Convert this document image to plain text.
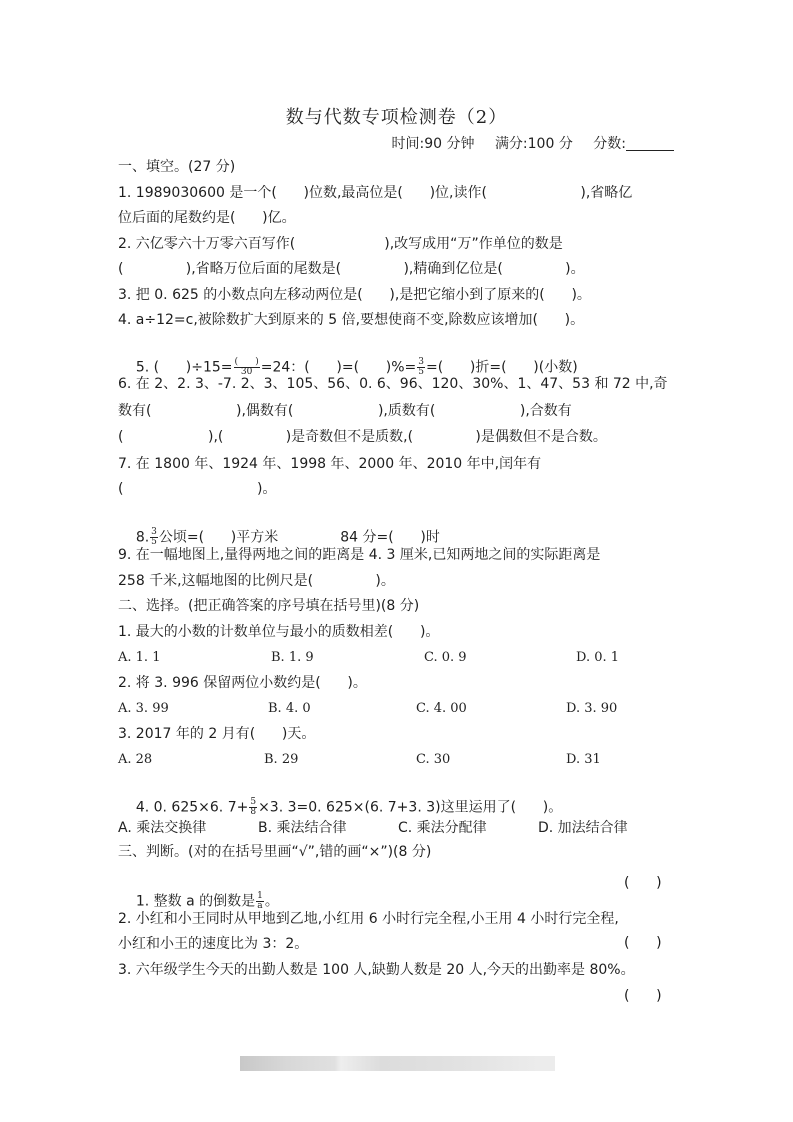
数与代数专项检测卷（2）
时间:90 分钟 满分:100 分 分数:
一、填空。(27 分)
1. 1989030600 是一个(      )位数,最高位是(      )位,读作(                     ),省略亿
位后面的尾数约是(      )亿。
2. 六亿零六十万零六百写作(                    ),改写成用“万”作单位的数是
(              ),省略万位后面的尾数是(              ),精确到亿位是(              )。
3. 把 0. 625 的小数点向左移动两位是(      ),是把它缩小到了原来的(      )。
4. a÷12=c,被除数扩大到原来的 5 倍,要想使商不变,除数应该增加(      )。

5. (      )$\div 15= \frac{( )}{30} =24$：(      )=(      )%= $\frac{3}{5}$ =(      )折=(      )(小数)

6. 在 2、2. 3、-7. 2、3、105、56、0. 6、96、120、30%、1、47、53 和 72 中,奇
数有(                   ),偶数有(                   ),质数有(                   ),合数有
(                   ),(              )是奇数但不是质数,(              )是偶数但不是合数。
7. 在 1800 年、1924 年、1998 年、2000 年、2010 年中,闰年有
(                              )。

8. $\frac{3}{5}$ 公顷=(      )平方米	84 分=(      )时

9. 在一幅地图上,量得两地之间的距离是 4. 3 厘米,已知两地之间的实际距离是
258 千米,这幅地图的比例尺是(              )。
二、选择。(把正确答案的序号填在括号里)(8 分)
1. 最大的小数的计数单位与最小的质数相差(      )。
A. 1. 1	B. 1. 9	C. 0. 9	D. 0. 1
2. 将 3. 996 保留两位小数约是(      )。
A. 3. 99	B. 4. 0	C. 4. 00	D. 3. 90
3. 2017 年的 2 月有(      )天。
A. 28	B. 29	C. 30	D. 31

4. 0. 625×6. $7+ \frac{5}{8} \times 3$. 3=0. 625×(6. 7+3. 3)这里运用了(      )。

A. 乘法交换律	B. 乘法结合律	C. 乘法分配律	D. 加法结合律
三、判断。(对的在括号里画“√”,错的画“×”)(8 分)

1. 整数 a 的倒数是 $\frac{1}{a}$ 。

(      )
2. 小红和小王同时从甲地到乙地,小红用 6 小时行完全程,小王用 4 小时行完全程,
小红和小王的速度比为 3：2。	(      )
3. 六年级学生今天的出勤人数是 100 人,缺勤人数是 20 人,今天的出勤率是 80%。
(      )
